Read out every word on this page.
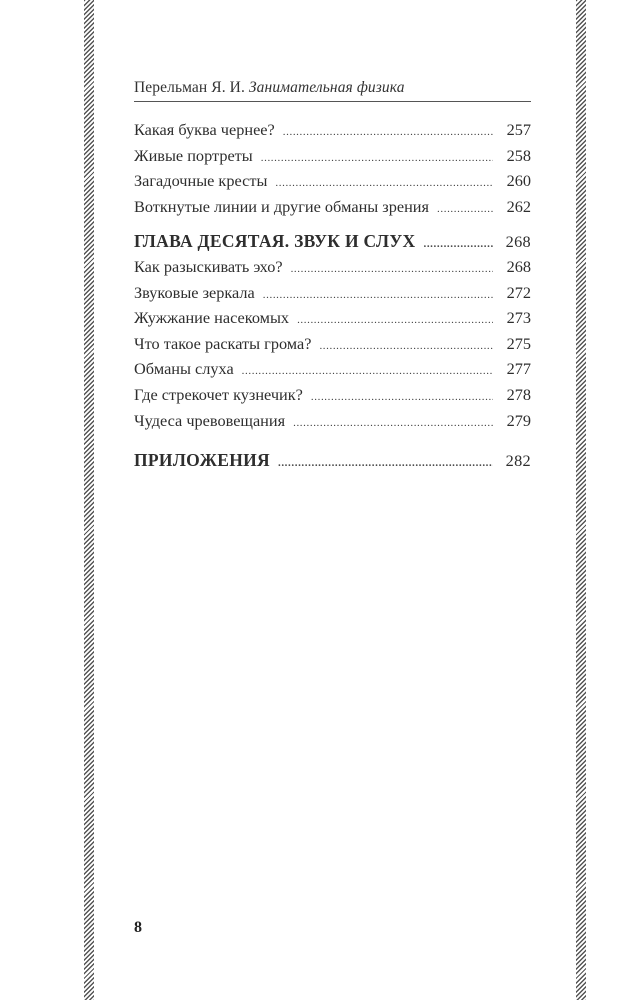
Перельман Я. И. Занимательная физика
Какая буква чернее? .....	257
Живые портреты .....	258
Загадочные кресты .....	260
Воткнутые линии и другие обманы зрения .....	262
ГЛАВА ДЕСЯТАЯ. ЗВУК И СЛУХ .....	268
Как разыскивать эхо? .....	268
Звуковые зеркала .....	272
Жужжание насекомых .....	273
Что такое раскаты грома? .....	275
Обманы слуха .....	277
Где стрекочет кузнечик? .....	278
Чудеса чревовещания .....	279
ПРИЛОЖЕНИЯ .....	282
8
